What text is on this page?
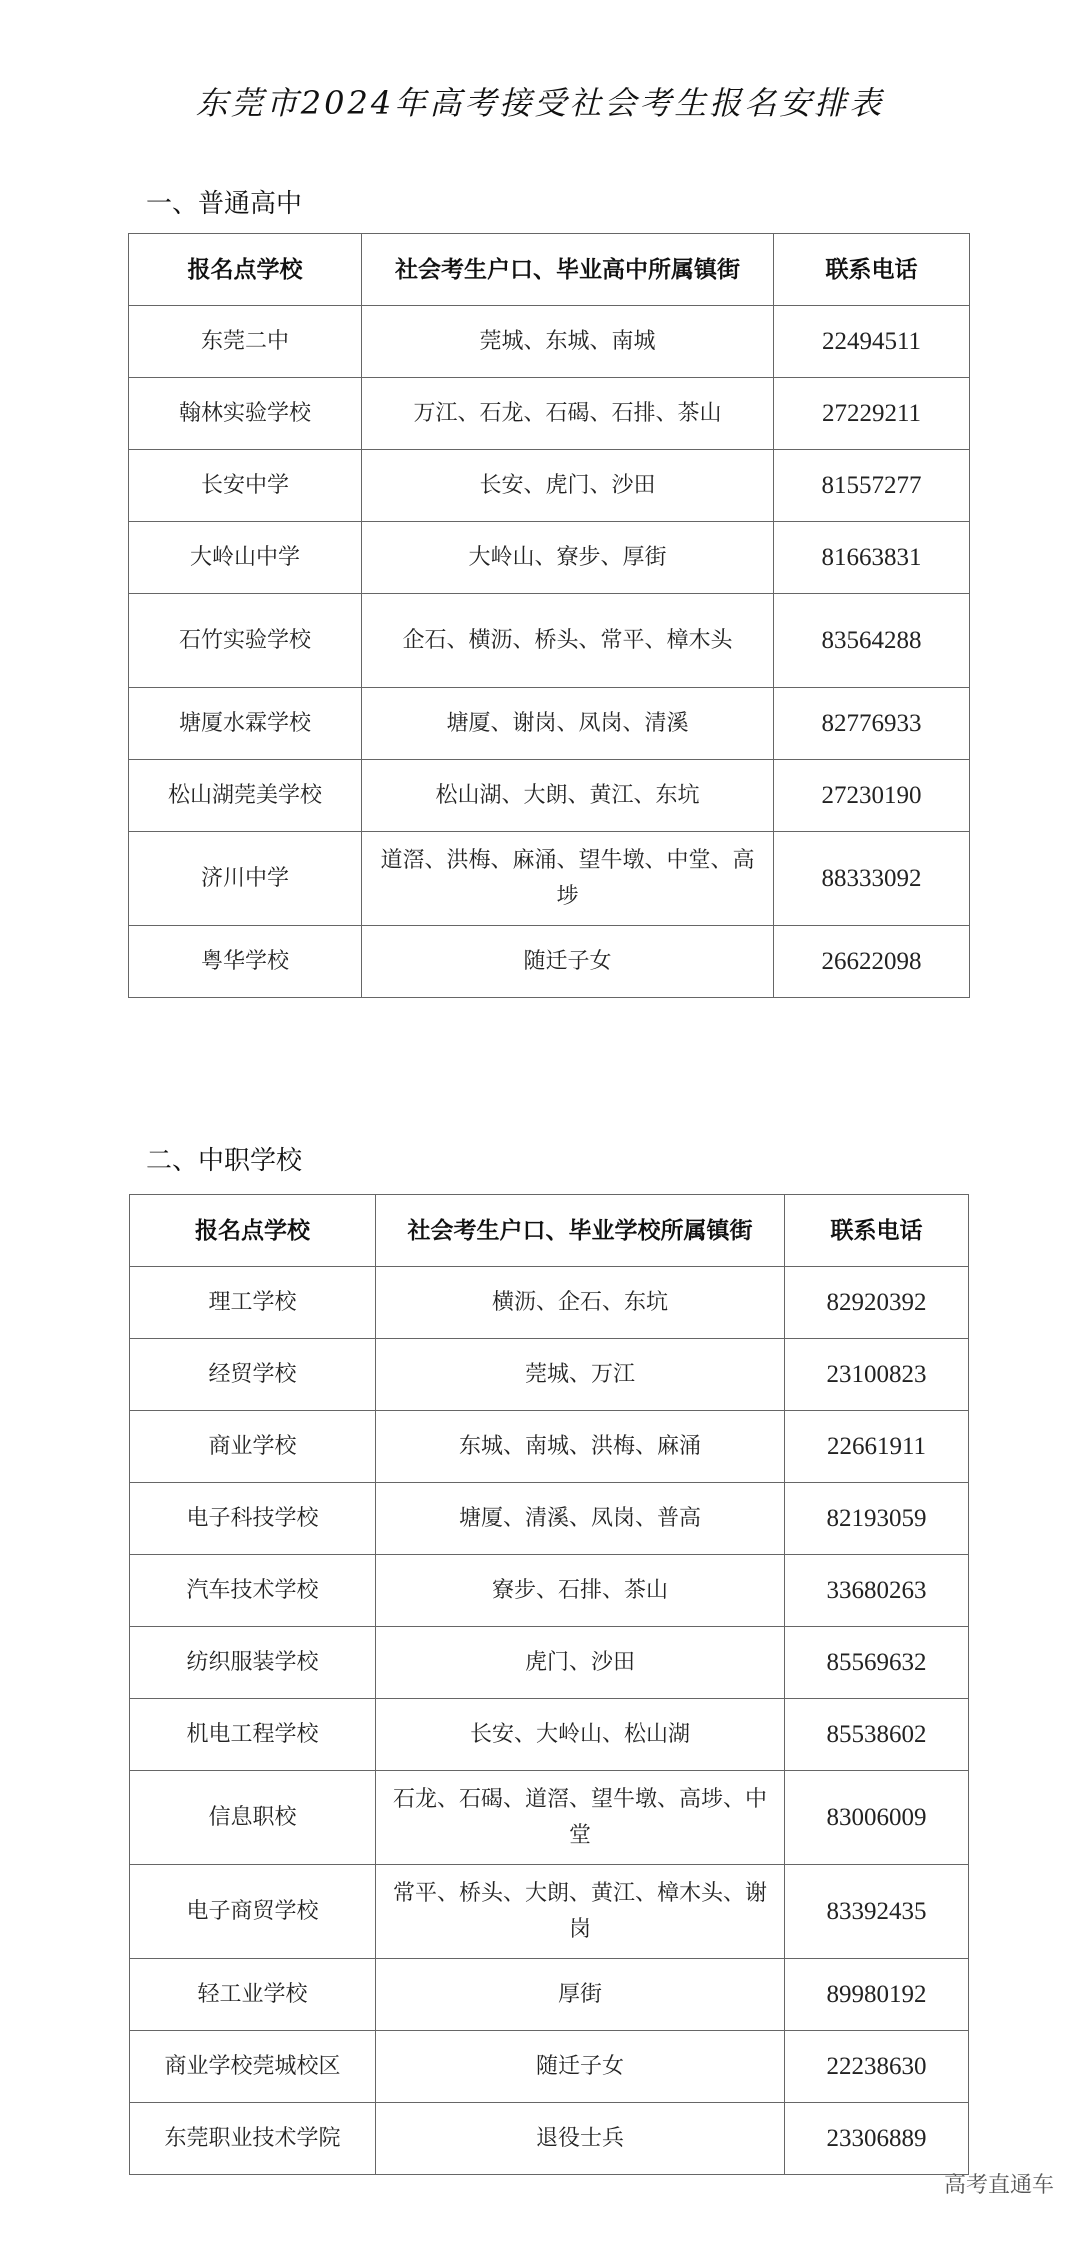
东莞市2024年高考接受社会考生报名安排表
一、普通高中
报名点学校	社会考生户口、毕业高中所属镇街	联系电话
东莞二中	莞城、东城、南城	22494511
翰林实验学校	万江、石龙、石碣、石排、茶山	27229211
长安中学	长安、虎门、沙田	81557277
大岭山中学	大岭山、寮步、厚街	81663831
石竹实验学校	企石、横沥、桥头、常平、樟木头	83564288
塘厦水霖学校	塘厦、谢岗、凤岗、清溪	82776933
松山湖莞美学校	松山湖、大朗、黄江、东坑	27230190
济川中学	道滘、洪梅、麻涌、望牛墩、中堂、高埗	88333092
粤华学校	随迁子女	26622098
二、中职学校
报名点学校	社会考生户口、毕业学校所属镇街	联系电话
理工学校	横沥、企石、东坑	82920392
经贸学校	莞城、万江	23100823
商业学校	东城、南城、洪梅、麻涌	22661911
电子科技学校	塘厦、清溪、凤岗、普高	82193059
汽车技术学校	寮步、石排、茶山	33680263
纺织服装学校	虎门、沙田	85569632
机电工程学校	长安、大岭山、松山湖	85538602
信息职校	石龙、石碣、道滘、望牛墩、高埗、中堂	83006009
电子商贸学校	常平、桥头、大朗、黄江、樟木头、谢岗	83392435
轻工业学校	厚街	89980192
商业学校莞城校区	随迁子女	22238630
东莞职业技术学院	退役士兵	23306889
高考直通车
